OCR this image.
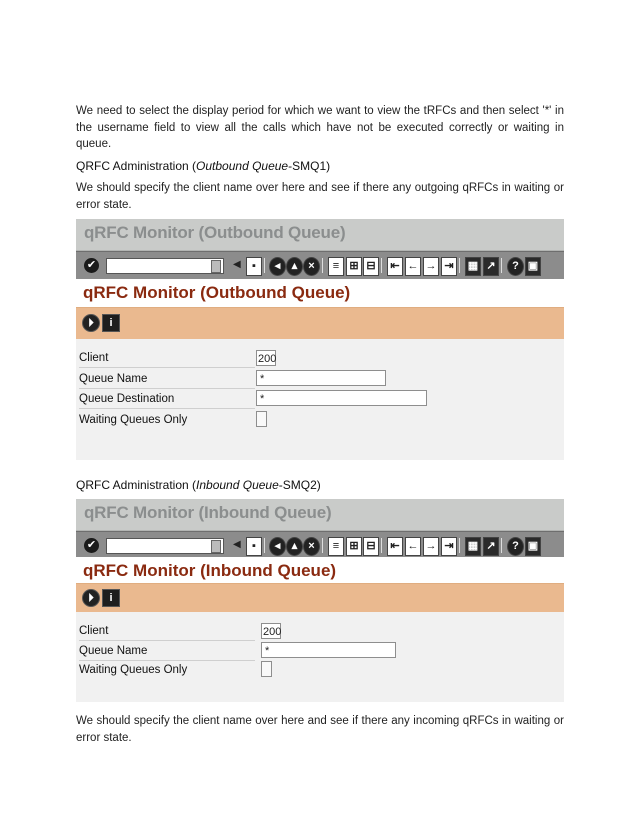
We need to select the display period for which we want to view the tRFCs and then select '*' in the username field to view all the calls which have not be executed correctly or waiting in queue.
QRFC Administration (Outbound Queue-SMQ1)
We should specify the client name over here and see if there any outgoing qRFCs in waiting or error state.
qRFC Monitor (Outbound Queue)
✔	◀	▪	◂	▴	×	≡ ⊞ ⊟	⇤ ← → ⇥	▦ ↗	? ▣
qRFC Monitor (Outbound Queue)
⏵	i
Client	200
Queue Name	*
Queue Destination	*
Waiting Queues Only
QRFC Administration (Inbound Queue-SMQ2)
qRFC Monitor (Inbound Queue)
✔	◀	▪	◂	▴	×	≡ ⊞ ⊟	⇤ ← → ⇥	▦ ↗	? ▣
qRFC Monitor (Inbound Queue)
⏵	i
Client	200
Queue Name	*
Waiting Queues Only
We should specify the client name over here and see if there any incoming qRFCs in waiting or error state.
